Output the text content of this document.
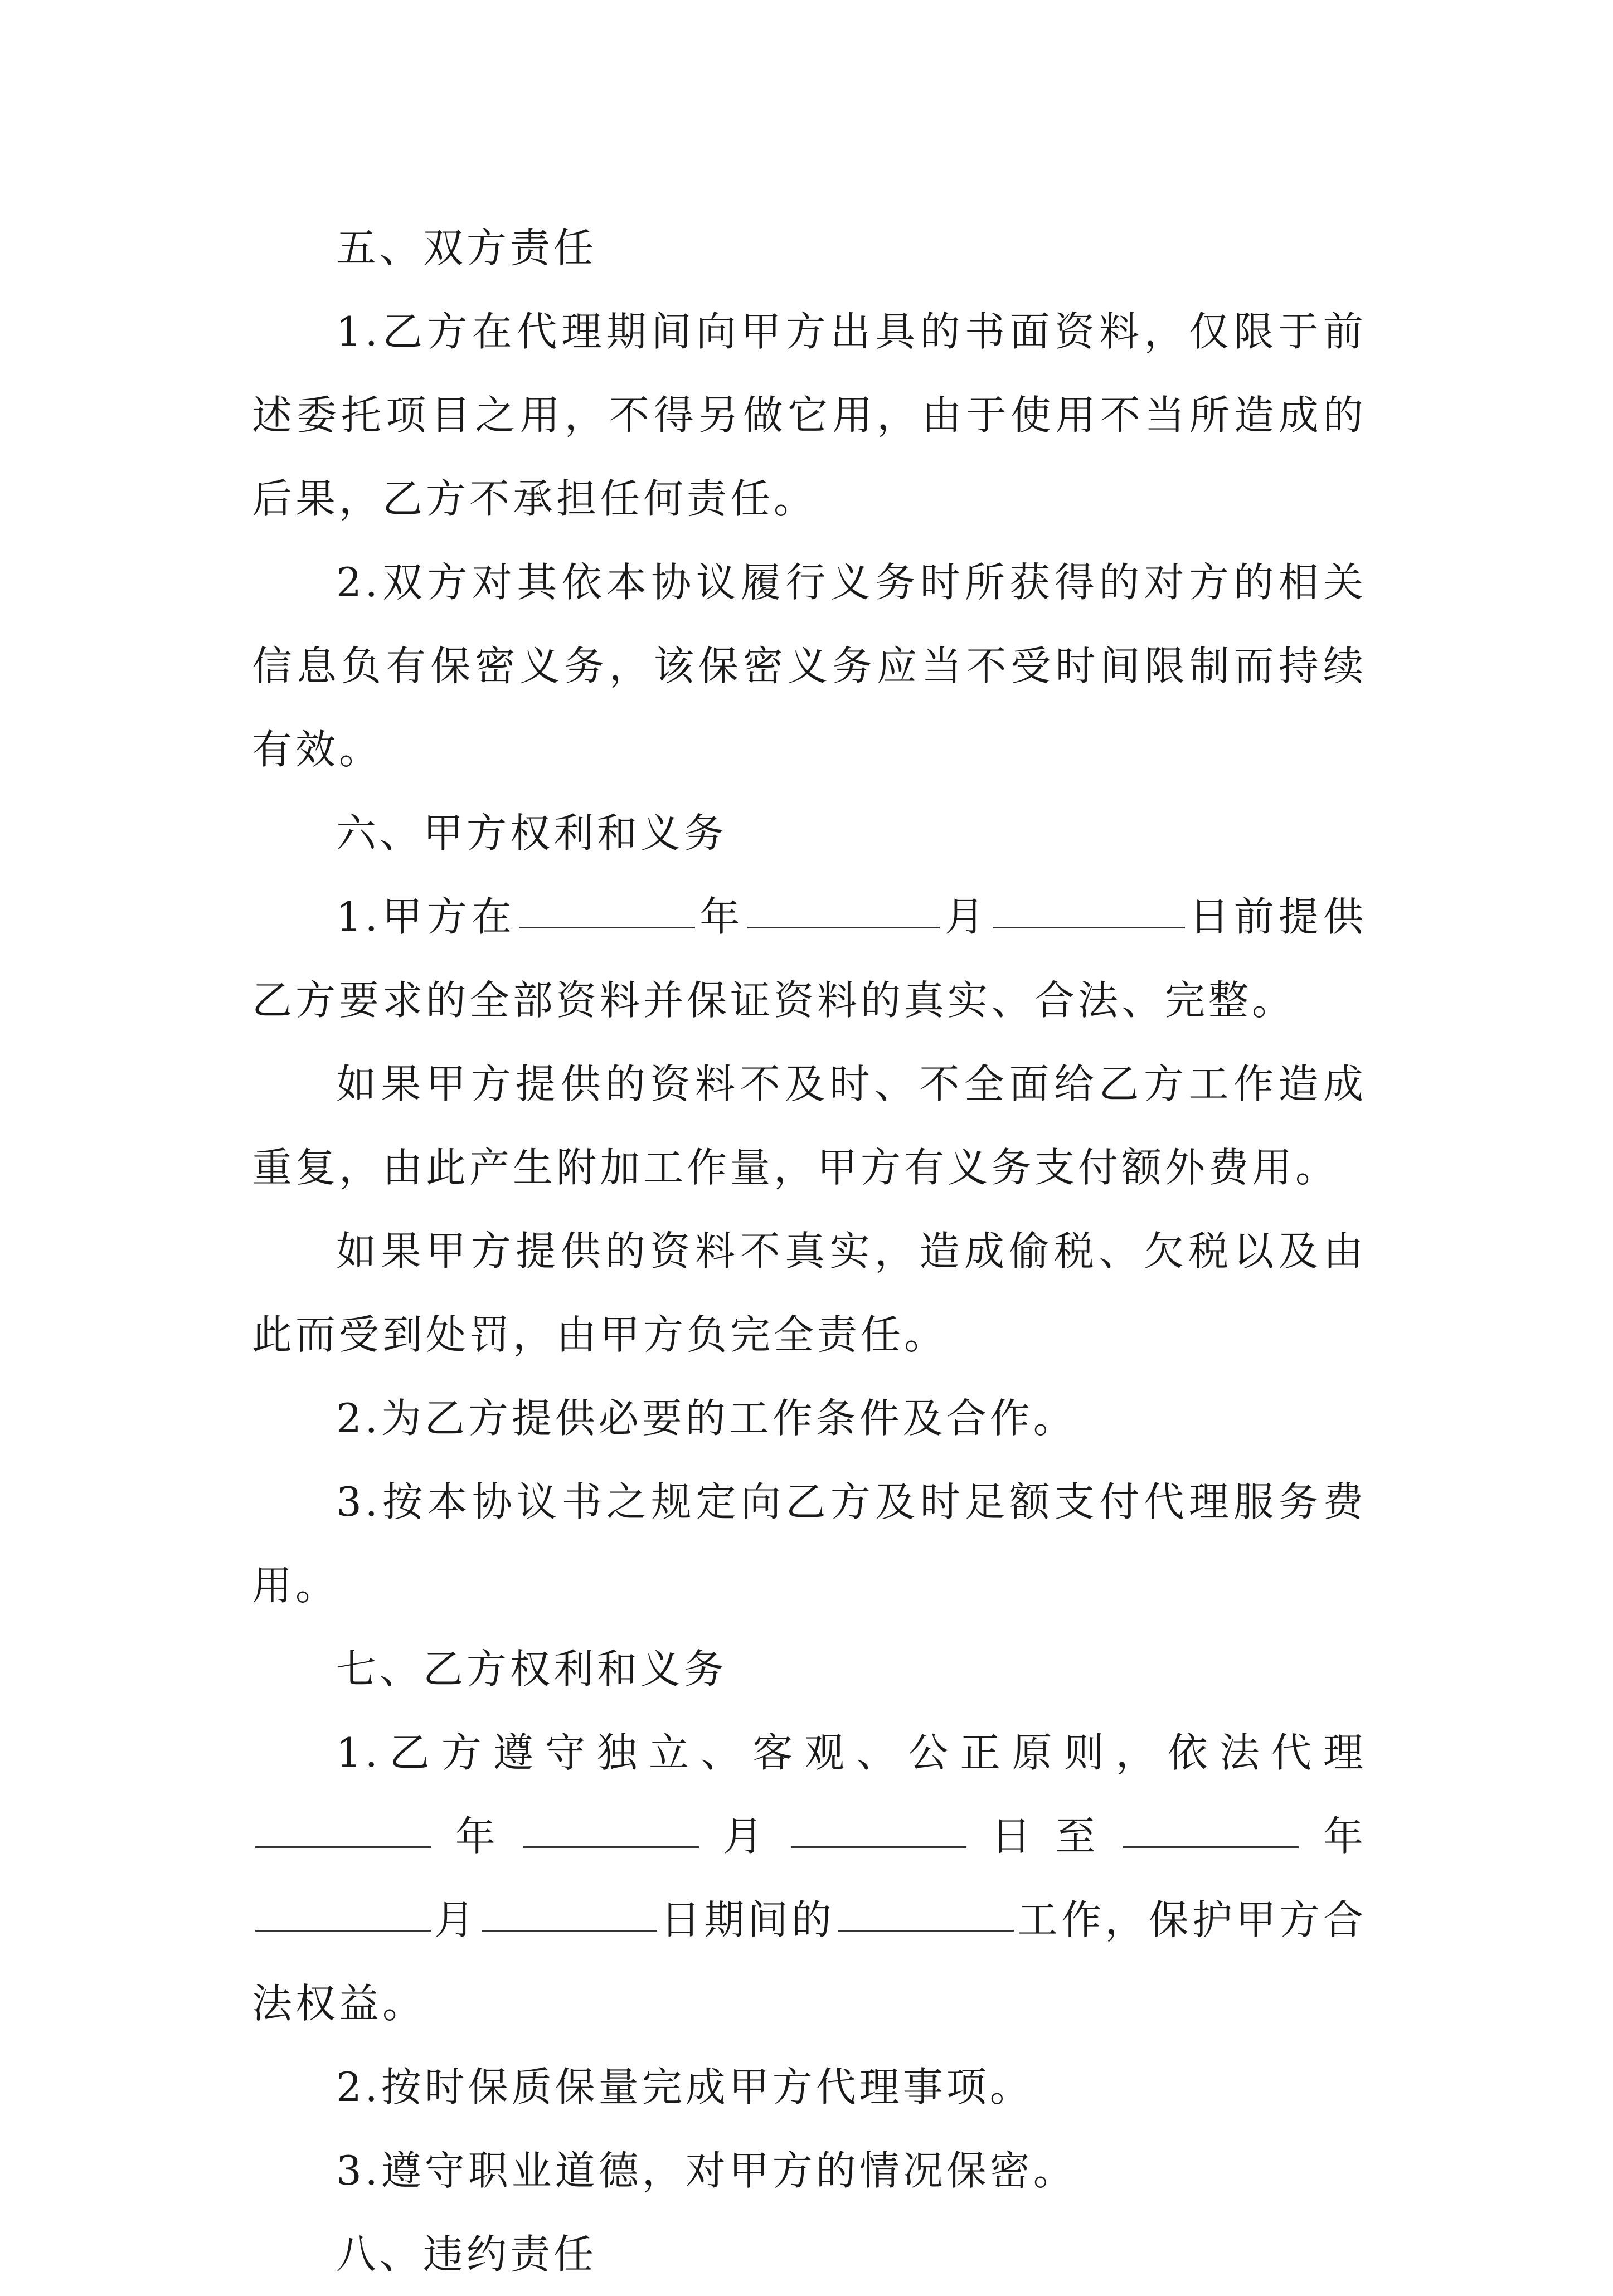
五、双方责任

1.乙方在代理期间向甲方出具的书面资料，仅限于前述委托项目之用，不得另做它用，由于使用不当所造成的后果，乙方不承担任何责任。

2.双方对其依本协议履行义务时所获得的对方的相关信息负有保密义务，该保密义务应当不受时间限制而持续有效。

六、甲方权利和义务

1.甲方在	年	月	日前提供乙方要求的全部资料并保证资料的真实、合法、完整。

如果甲方提供的资料不及时、不全面给乙方工作造成重复，由此产生附加工作量，甲方有义务支付额外费用。

如果甲方提供的资料不真实，造成偷税、欠税以及由此而受到处罚，由甲方负完全责任。

2.为乙方提供必要的工作条件及合作。

3.按本协议书之规定向乙方及时足额支付代理服务费用。

七、乙方权利和义务

1.乙方遵守独立、客观、公正原则，依法代理年	月	日至	年月	日期间的	工作，保护甲方合法权益。

2.按时保质保量完成甲方代理事项。

3.遵守职业道德，对甲方的情况保密。

八、违约责任
